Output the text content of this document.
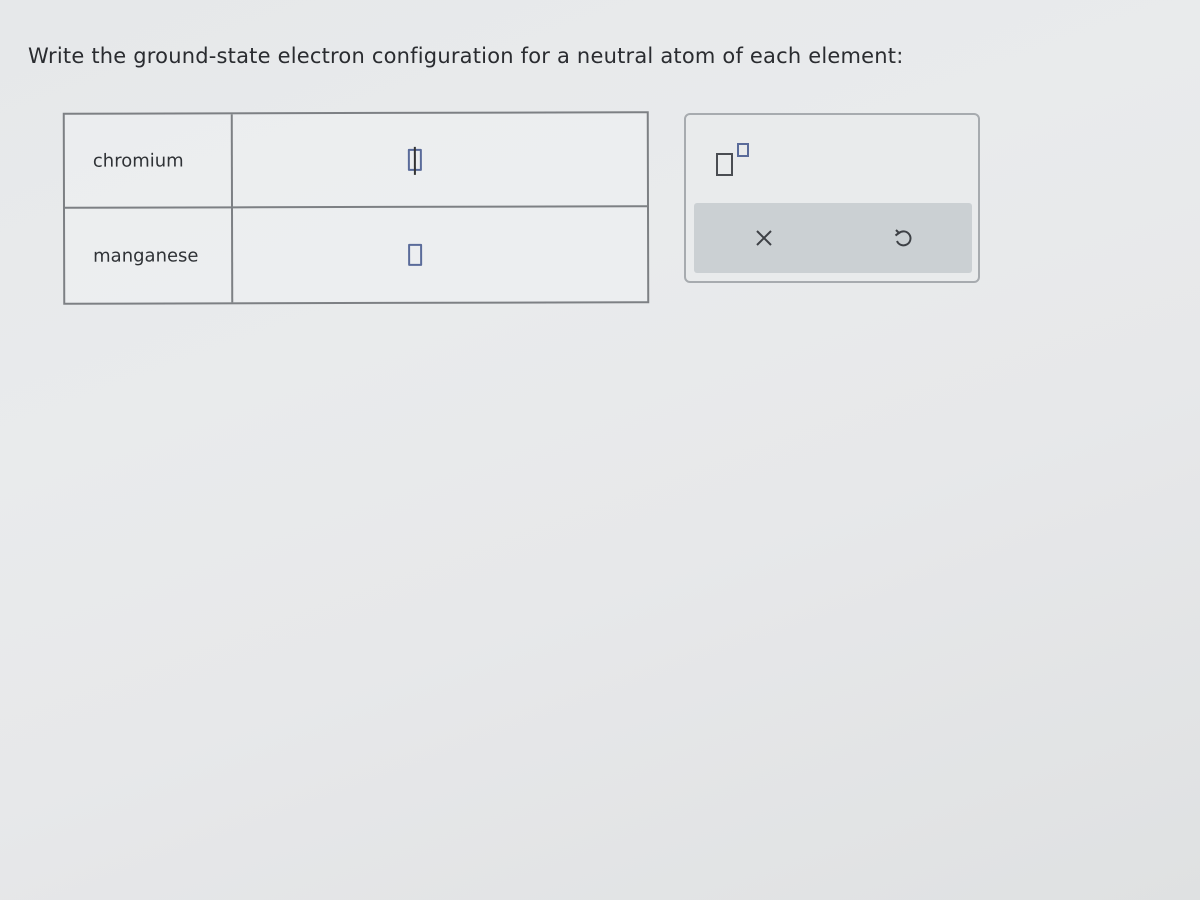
Write the ground-state electron configuration for a neutral atom of each element:
chromium
manganese
